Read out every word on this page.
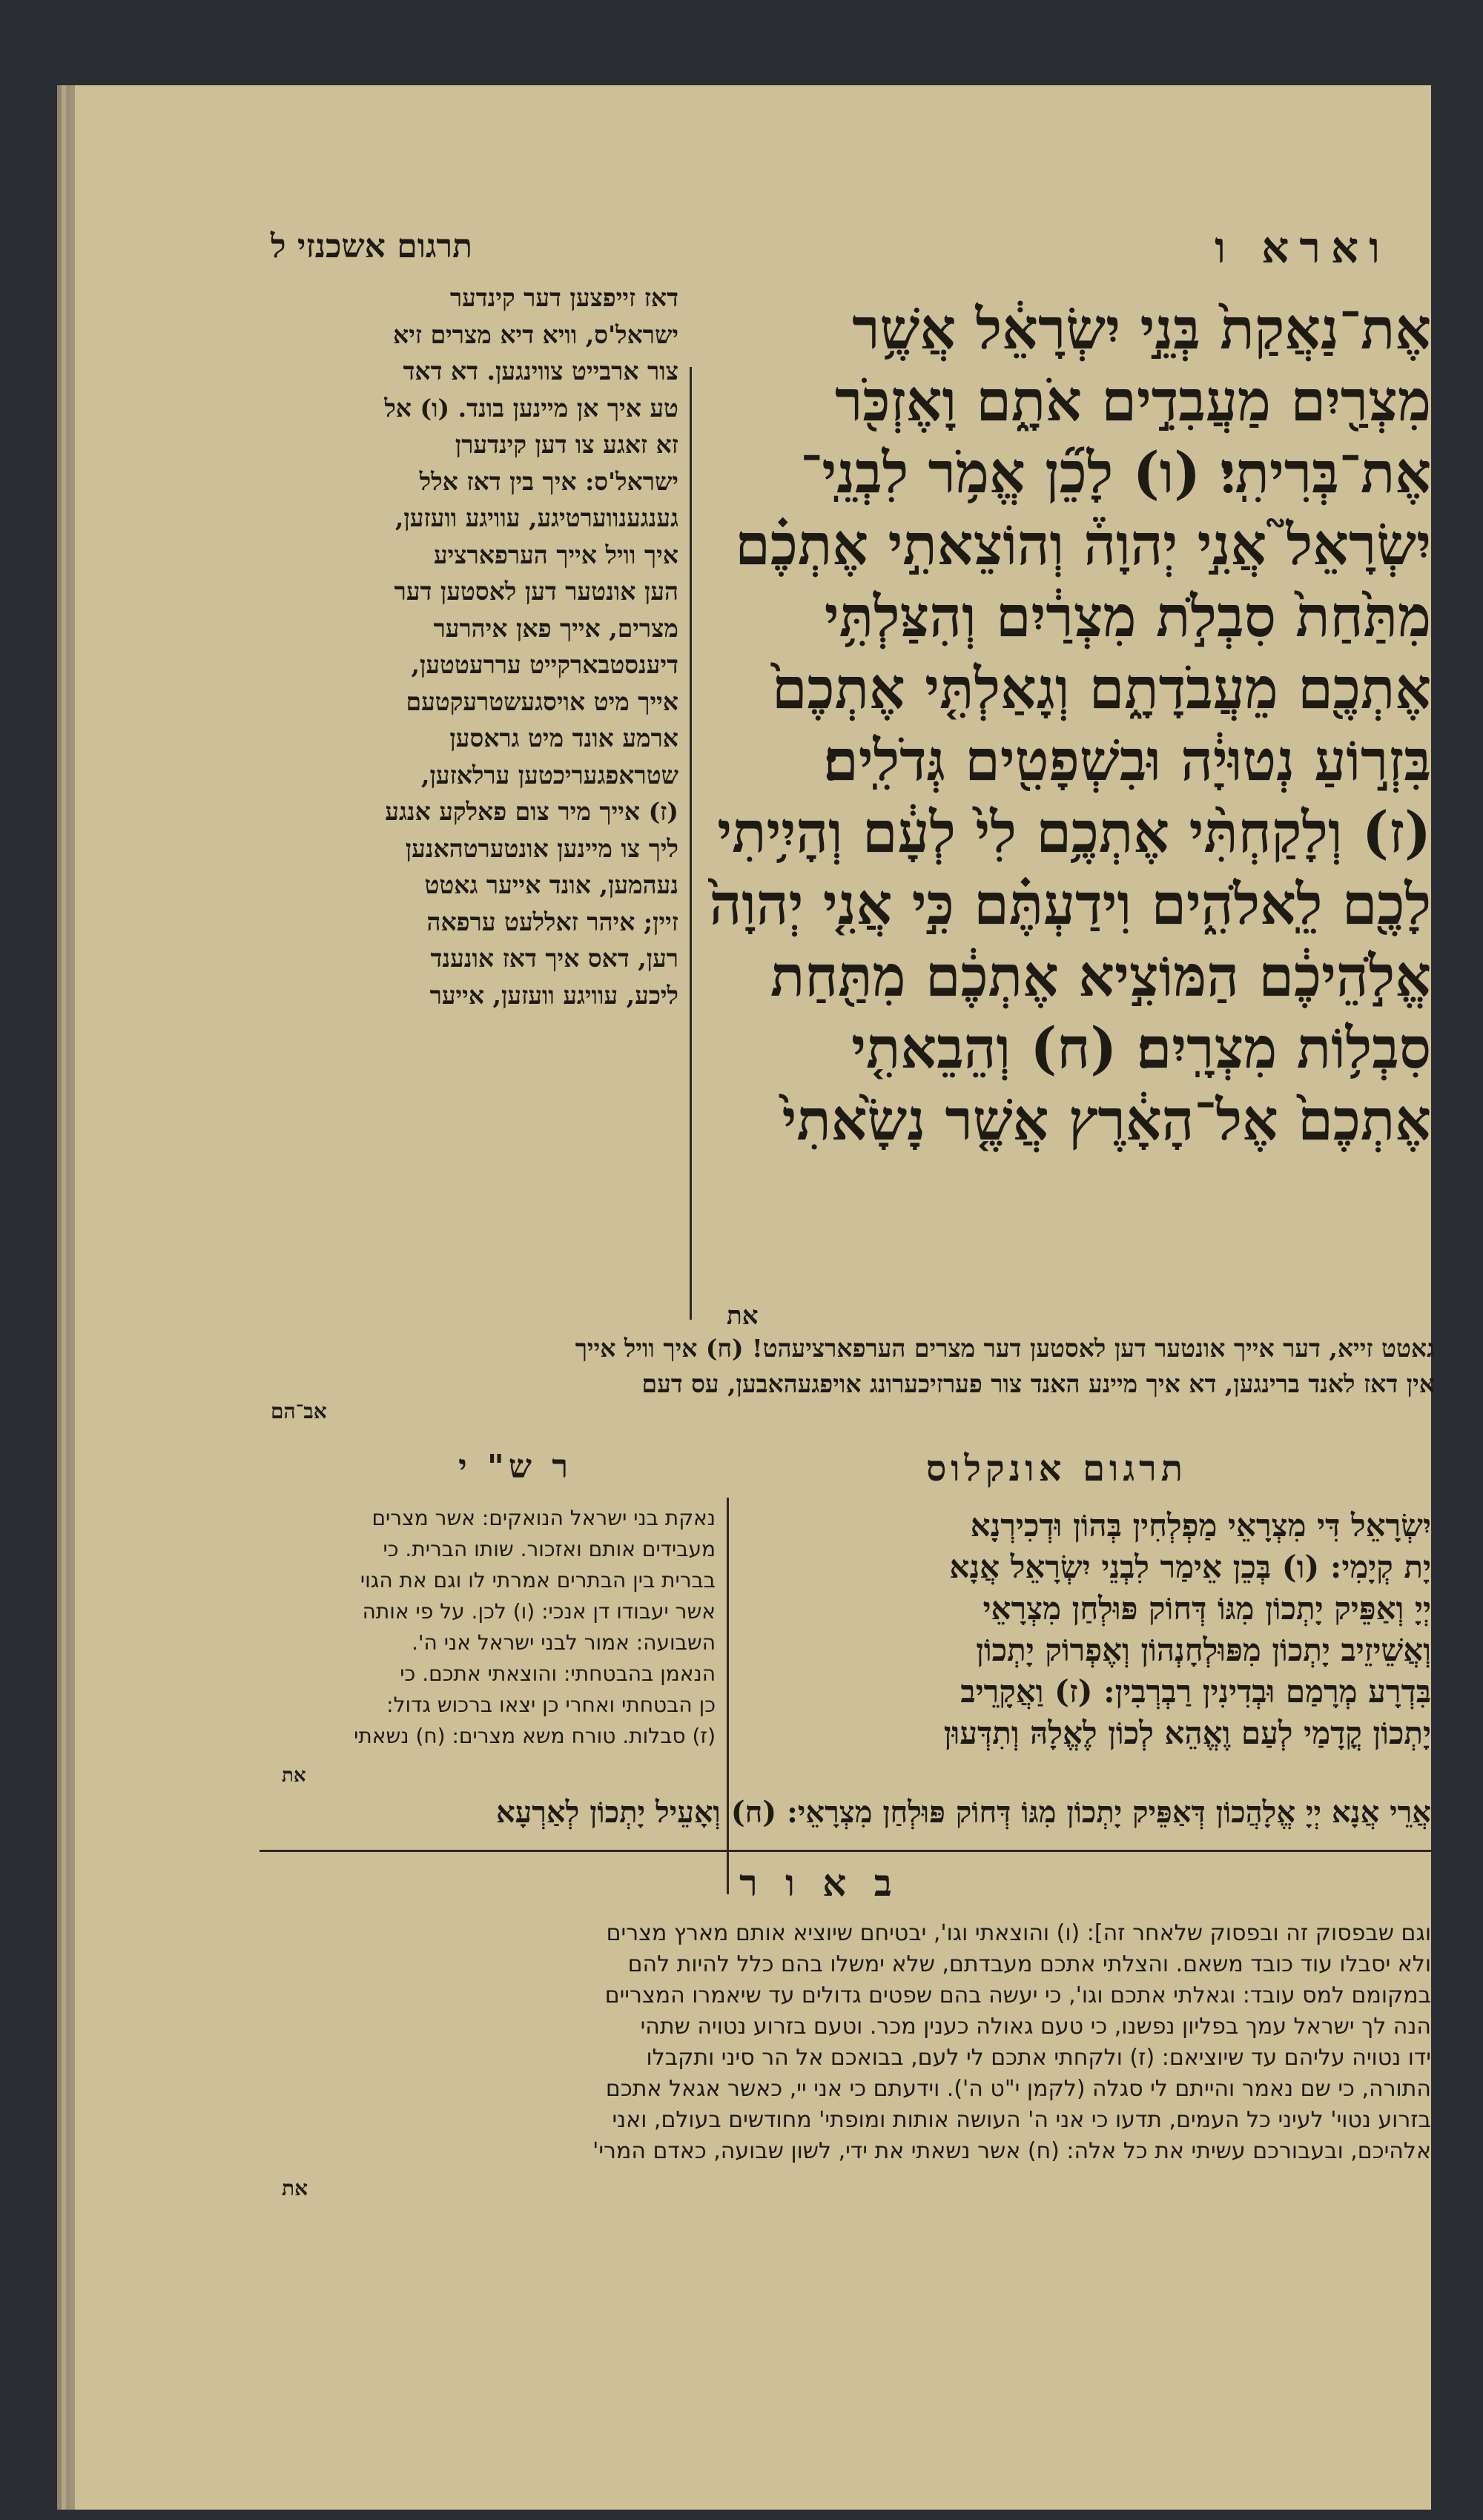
וארא ו
תרגום אשכנזי ל
אֶת־נַאֲקַת֙ בְּנֵ֣י יִשְׂרָאֵ֔ל אֲשֶׁ֥ר
מִצְרַ֖יִם מַעֲבִדִ֣ים אֹתָ֑ם וָאֶזְכֹּ֖ר
אֶת־בְּרִיתִֽי׃ (ו) לָכֵ֞ן אֱמֹ֥ר לִבְנֵֽי־
יִשְׂרָאֵל֮ אֲנִ֣י יְהוָה֒ וְהוֹצֵאתִ֣י אֶתְכֶ֗ם
מִתַּ֙חַת֙ סִבְלֹ֣ת מִצְרַ֔יִם וְהִצַּלְתִּ֥י
אֶתְכֶ֖ם מֵעֲבֹדָתָ֑ם וְגָאַלְתִּ֤י אֶתְכֶם֙
בִּזְר֣וֹעַ נְטוּיָ֔ה וּבִשְׁפָטִ֖ים גְּדֹלִֽים׃
(ז) וְלָקַחְתִּ֨י אֶתְכֶ֥ם לִי֙ לְעָ֔ם וְהָיִ֥יתִי
לָכֶ֖ם לֵֽאלֹהִ֑ים וִידַעְתֶּ֗ם כִּ֣י אֲנִ֤י יְהוָה֙
אֱלֹ֣הֵיכֶ֔ם הַמּוֹצִ֣יא אֶתְכֶ֔ם מִתַּ֖חַת
סִבְל֥וֹת מִצְרָֽיִם׃ (ח) וְהֵבֵאתִ֤י
אֶתְכֶם֙ אֶל־הָאָ֔רֶץ אֲשֶׁ֤ר נָשָׂ֙אתִי֙
את
דאז זייפצען דער קינדער
ישראל'ס, וויא דיא מצרים זיא
צור ארבייט צווינגען. דא דאד
טע איך אן מיינען בונד. (ו) אל
זא זאגע צו דען קינדערן
ישראל'ס: איך בין דאז אלל
גענגענווערטיגע, עוויגע וועזען,
איך וויל אייך הערפארציע
הען אונטער דען לאסטען דער
מצרים, אייך פאן איהרער
דיענסטבארקייט עררעטטען,
אייך מיט אויסגעשטרעקטעם
ארמע אונד מיט גראסען
שטראפגעריכטען ערלאזען,
(ז) אייך מיר צום פאלקע אנגע
ליך צו מיינען אונטערטהאנען
נעהמען, אונד אייער גאטט
זיין; איהר זאללעט ערפאה
רען, דאס איך דאז אונענד
ליכע, עוויגע וועזען, אייער
גאטט זייא, דער אייך אונטער דען לאסטען דער מצרים הערפארציעהט! (ח) איך וויל אייך
אין דאז לאנד ברינגען, דא איך מיינע האנד צור פערזיכערונג אויפגעהאבען, עס דעם
אב־הם
תרגום אונקלוס
ר ש" י
יִשְׂרָאֵל דִּי מִצְרָאֵי מַפְלְחִין בְּהוֹן וּדְכִירְנָא
יָת קְיָמִי: (ו) בְּכֵן אֵימַר לִבְנֵי יִשְׂרָאֵל אֲנָא
יְיָ וְאַפֵּיק יָתְכוֹן מִגּוֹ דְּחוֹק פּוּלְחַן מִצְרָאֵי
וְאֲשֵׁיזֵיב יָתְכוֹן מִפּוּלְחָנְהוֹן וְאֶפְרוֹק יָתְכוֹן
בִּדְרָע מְרָמַם וּבְדִינִין רַבְרְבִין: (ז) וַאֲקָרֵיב
יָתְכוֹן קֳדָמַי לְעַם וֶאֱהֵא לְכוֹן לֶאֱלָהּ וְתִדְּעוּן
נאקת בני ישראל הנואקים: אשר מצרים
מעבידים אותם ואזכור. שותו הברית. כי
בברית בין הבתרים אמרתי לו וגם את הגוי
אשר יעבודו דן אנכי: (ו) לכן. על פי אותה
השבועה: אמור לבני ישראל אני ה'.
הנאמן בהבטחתי: והוצאתי אתכם. כי
כן הבטחתי ואחרי כן יצאו ברכוש גדול:
(ז) סבלות. טורח משא מצרים: (ח) נשאתי
את
אֲרֵי אֲנָא יְיָ אֱלָהֲכוֹן דְּאַפֵּיק יָתְכוֹן מִגּוֹ דְּחוֹק פּוּלְחַן מִצְרָאֵי: (ח) וְאָעֵיל יָתְכוֹן לְאַרְעָא
ב א ו ר
וגם שבפסוק זה ובפסוק שלאחר זה]: (ו) והוצאתי וגו', יבטיחם שיוציא אותם מארץ מצרים
ולא יסבלו עוד כובד משאם. והצלתי אתכם מעבדתם, שלא ימשלו בהם כלל להיות להם
במקומם למס עובד: וגאלתי אתכם וגו', כי יעשה בהם שפטים גדולים עד שיאמרו המצריים
הנה לך ישראל עמך בפליון נפשנו, כי טעם גאולה כענין מכר. וטעם בזרוע נטויה שתהי
ידו נטויה עליהם עד שיוציאם: (ז) ולקחתי אתכם לי לעם, בבואכם אל הר סיני ותקבלו
התורה, כי שם נאמר והייתם לי סגלה (לקמן י"ט ה'). וידעתם כי אני יי, כאשר אגאל אתכם
בזרוע נטוי' לעיני כל העמים, תדעו כי אני ה' העושה אותות ומופתי' מחודשים בעולם, ואני
אלהיכם, ובעבורכם עשיתי את כל אלה: (ח) אשר נשאתי את ידי, לשון שבועה, כאדם המרי'
את
